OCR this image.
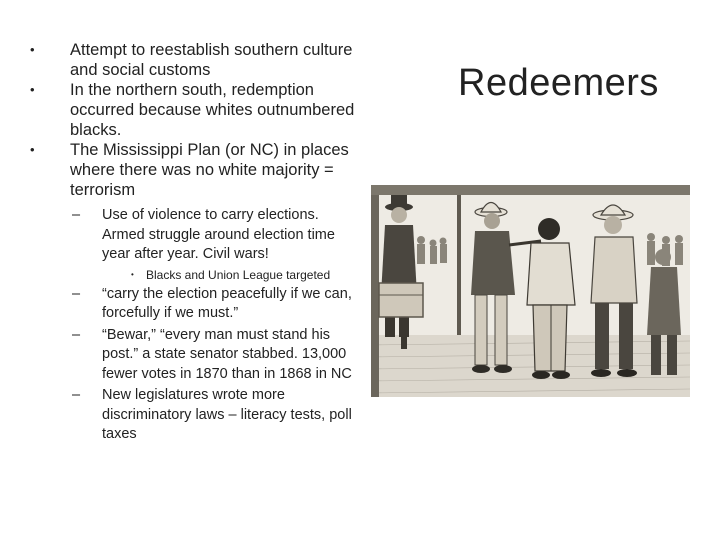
• Attempt to reestablish southern culture and social customs
• In the northern south, redemption occurred because whites outnumbered blacks.
• The Mississippi Plan (or NC) in places where there was no white majority = terrorism
– Use of violence to carry elections. Armed struggle around election time year after year. Civil wars!
• Blacks and Union League targeted
– “carry the election peacefully if we can, forcefully if we must.”
– “Bewar,” “every man must stand his post.” a state senator stabbed. 13,000 fewer votes in 1870 than in 1868 in NC
– New legislatures wrote more discriminatory laws – literacy tests, poll taxes
Redeemers
